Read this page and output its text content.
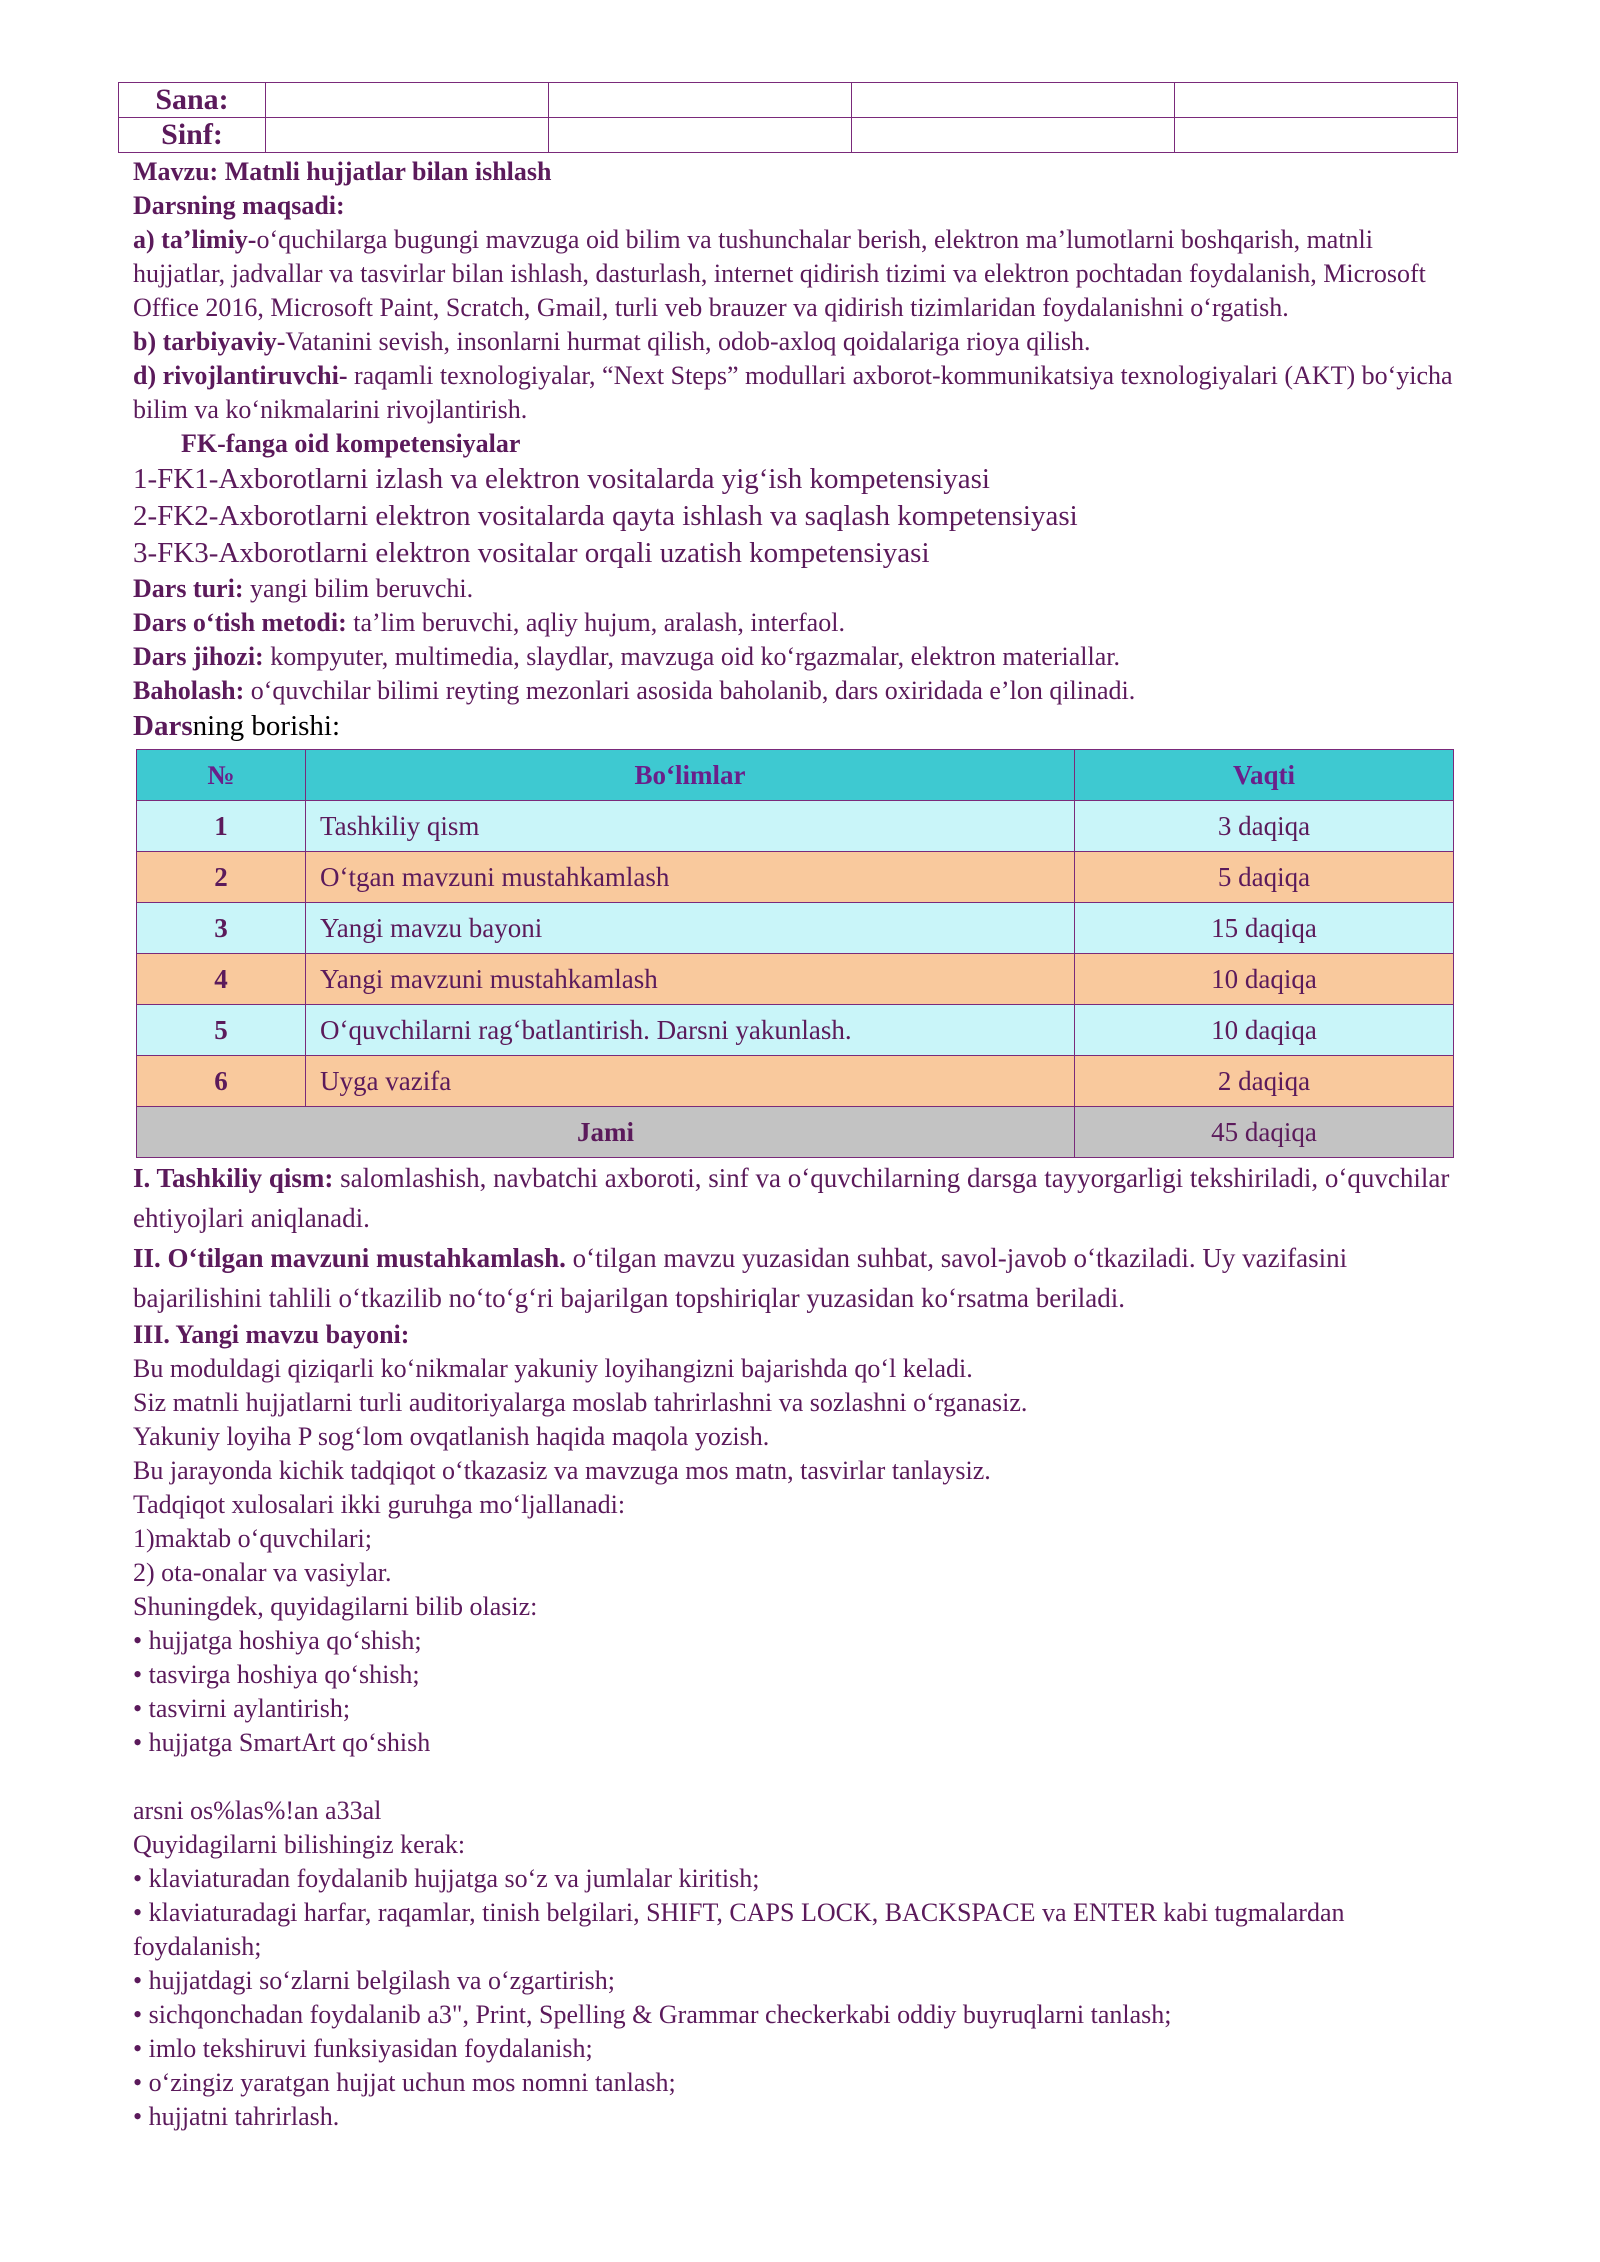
Sana:				
Sinf:				

Mavzu: Matnli hujjatlar bilan ishlash

Darsning maqsadi:

a) ta’limiy-o‘quchilarga bugungi mavzuga oid bilim va tushunchalar berish, elektron ma’lumotlarni boshqarish, matnli hujjatlar, jadvallar va tasvirlar bilan ishlash, dasturlash, internet qidirish tizimi va elektron pochtadan foydalanish, Microsoft Office 2016, Microsoft Paint, Scratch, Gmail, turli veb brauzer va qidirish tizimlaridan foydalanishni o‘rgatish.

b) tarbiyaviy-Vatanini sevish, insonlarni hurmat qilish, odob-axloq qoidalariga rioya qilish.

d) rivojlantiruvchi- raqamli texnologiyalar, “Next Steps” modullari axborot-kommunikatsiya texnologiyalari (AKT) bo‘yicha bilim va ko‘nikmalarini rivojlantirish.

FK-fanga oid kompetensiyalar

1-FK1-Axborotlarni izlash va elektron vositalarda yig‘ish kompetensiyasi

2-FK2-Axborotlarni elektron vositalarda qayta ishlash va saqlash kompetensiyasi

3-FK3-Axborotlarni elektron vositalar orqali uzatish kompetensiyasi

Dars turi: yangi bilim beruvchi.

Dars o‘tish metodi: ta’lim beruvchi, aqliy hujum, aralash, interfaol.

Dars jihozi: kompyuter, multimedia, slaydlar, mavzuga oid ko‘rgazmalar, elektron materiallar.

Baholash: o‘quvchilar bilimi reyting mezonlari asosida baholanib, dars oxiridada e’lon qilinadi.

Darsning borishi:

№	Bo‘limlar	Vaqti
1	Tashkiliy qism	3 daqiqa
2	O‘tgan mavzuni mustahkamlash	5 daqiqa
3	Yangi mavzu bayoni	15 daqiqa
4	Yangi mavzuni mustahkamlash	10 daqiqa
5	O‘quvchilarni rag‘batlantirish. Darsni yakunlash.	10 daqiqa
6	Uyga vazifa	2 daqiqa
Jami		45 daqiqa

I. Tashkiliy qism: salomlashish, navbatchi axboroti, sinf va o‘quvchilarning darsga tayyorgarligi tekshiriladi, o‘quvchilar ehtiyojlari aniqlanadi.

II. O‘tilgan mavzuni mustahkamlash. o‘tilgan mavzu yuzasidan suhbat, savol-javob o‘tkaziladi. Uy vazifasini bajarilishini tahlili o‘tkazilib no‘to‘g‘ri bajarilgan topshiriqlar yuzasidan ko‘rsatma beriladi.

III. Yangi mavzu bayoni:

Bu moduldagi qiziqarli ko‘nikmalar yakuniy loyihangizni bajarishda qo‘l keladi.

Siz matnli hujjatlarni turli auditoriyalarga moslab tahrirlashni va sozlashni o‘rganasiz.

Yakuniy loyiha P sog‘lom ovqatlanish haqida maqola yozish.

Bu jarayonda kichik tadqiqot o‘tkazasiz va mavzuga mos matn, tasvirlar tanlaysiz.

Tadqiqot xulosalari ikki guruhga mo‘ljallanadi:

1)maktab o‘quvchilari;

2) ota-onalar va vasiylar.

Shuningdek, quyidagilarni bilib olasiz:

• hujjatga hoshiya qo‘shish;

• tasvirga hoshiya qo‘shish;

• tasvirni aylantirish;

• hujjatga SmartArt qo‘shish

arsni os%las%!an a33al

Quyidagilarni bilishingiz kerak:

• klaviaturadan foydalanib hujjatga so‘z va jumlalar kiritish;

• klaviaturadagi harfar, raqamlar, tinish belgilari, SHIFT, CAPS LOCK, BACKSPACE va ENTER kabi tugmalardan foydalanish;

• hujjatdagi so‘zlarni belgilash va o‘zgartirish;

• sichqonchadan foydalanib a3", Print, Spelling & Grammar checkerkabi oddiy buyruqlarni tanlash;

• imlo tekshiruvi funksiyasidan foydalanish;

• o‘zingiz yaratgan hujjat uchun mos nomni tanlash;

• hujjatni tahrirlash.
